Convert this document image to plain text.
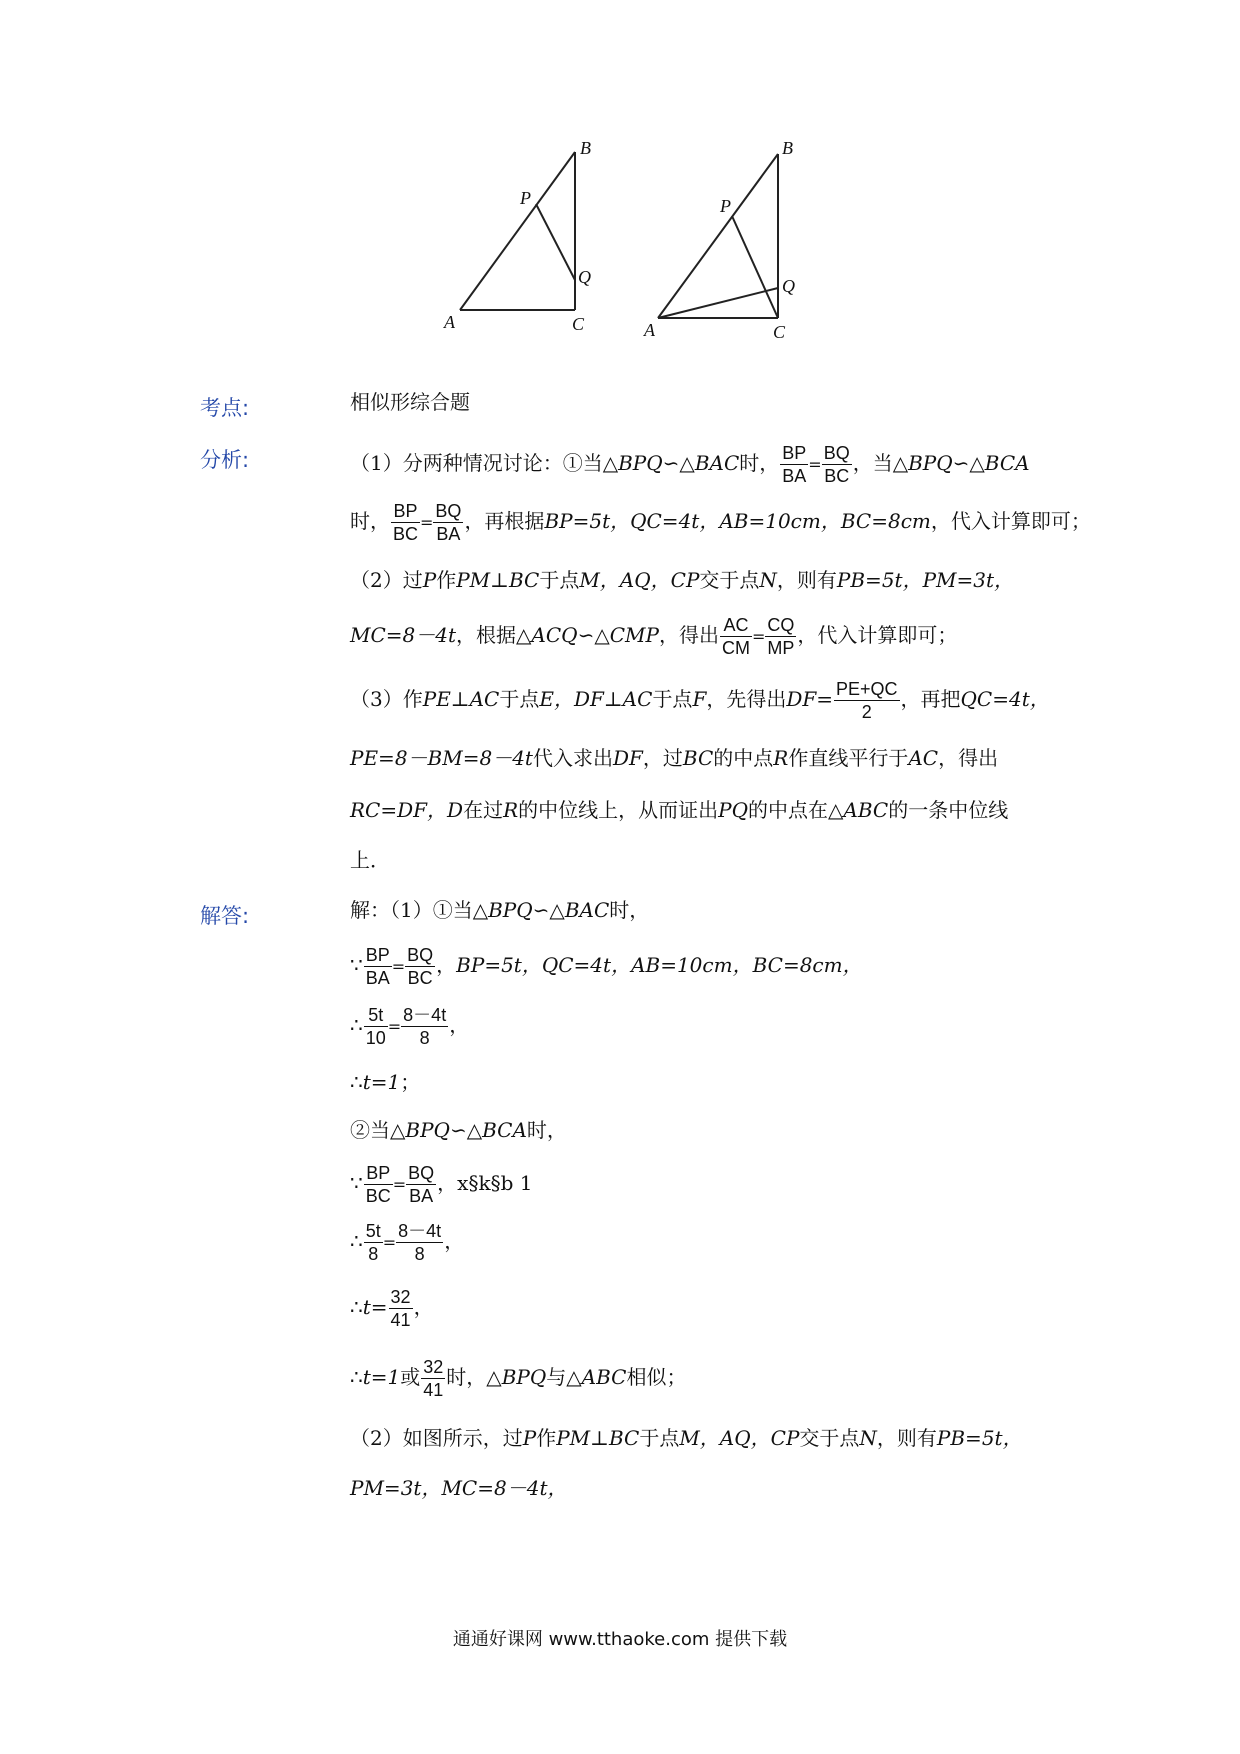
B
P
Q
A	C
B
P
Q
A	C
考点:	相似形综合题
分析:	（1）分两种情况讨论：①当△BPQ∽△BAC时， $\frac{BP}{BA} = \frac{BQ}{BC}$ ，当△BPQ∽△BCA
时， $\frac{BP}{BC} = \frac{BQ}{BA}$ ，再根据BP=5t，QC=4t，AB=10cm，BC=8cm，代入计算即可；
（2）过P作PM⊥BC于点M，AQ，CP交于点N，则有PB=5t，PM=3t，
MC=8－4t，根据△ACQ∽△CMP，得出 $\frac{AC}{CM} = \frac{CQ}{MP}$ ，代入计算即可；
（3）作PE⊥AC于点E，DF⊥AC于点F，先得出$DF= \frac{PE+QC}{2}$ ，再把QC=4t，
PE=8－BM=8－4t代入求出DF，过BC的中点R作直线平行于AC，得出
RC=DF，D在过R的中位线上，从而证出PQ的中点在△ABC的一条中位线
上．
解答:	解：（1）①当△BPQ∽△BAC时，
∵ $\frac{BP}{BA} = \frac{BQ}{BC}$ ，BP=5t，QC=4t，AB=10cm，BC=8cm，
∴ $\frac{5t}{10} = \frac{8-4t}{8}$ ，
∴t=1；
②当△BPQ∽△BCA时，
∵ $\frac{BP}{BC} = \frac{BQ}{BA}$ ，x§k§b 1
∴ $\frac{5t}{8} = \frac{8-4t}{8}$ ，
∴t= $\frac{32}{41}$ ，
∴t=1或 $\frac{32}{41}$ 时，△BPQ与△ABC相似；
（2）如图所示，过P作PM⊥BC于点M，AQ，CP交于点N，则有PB=5t，
PM=3t，MC=8－4t，
通通好课网 www.tthaoke.com 提供下载
